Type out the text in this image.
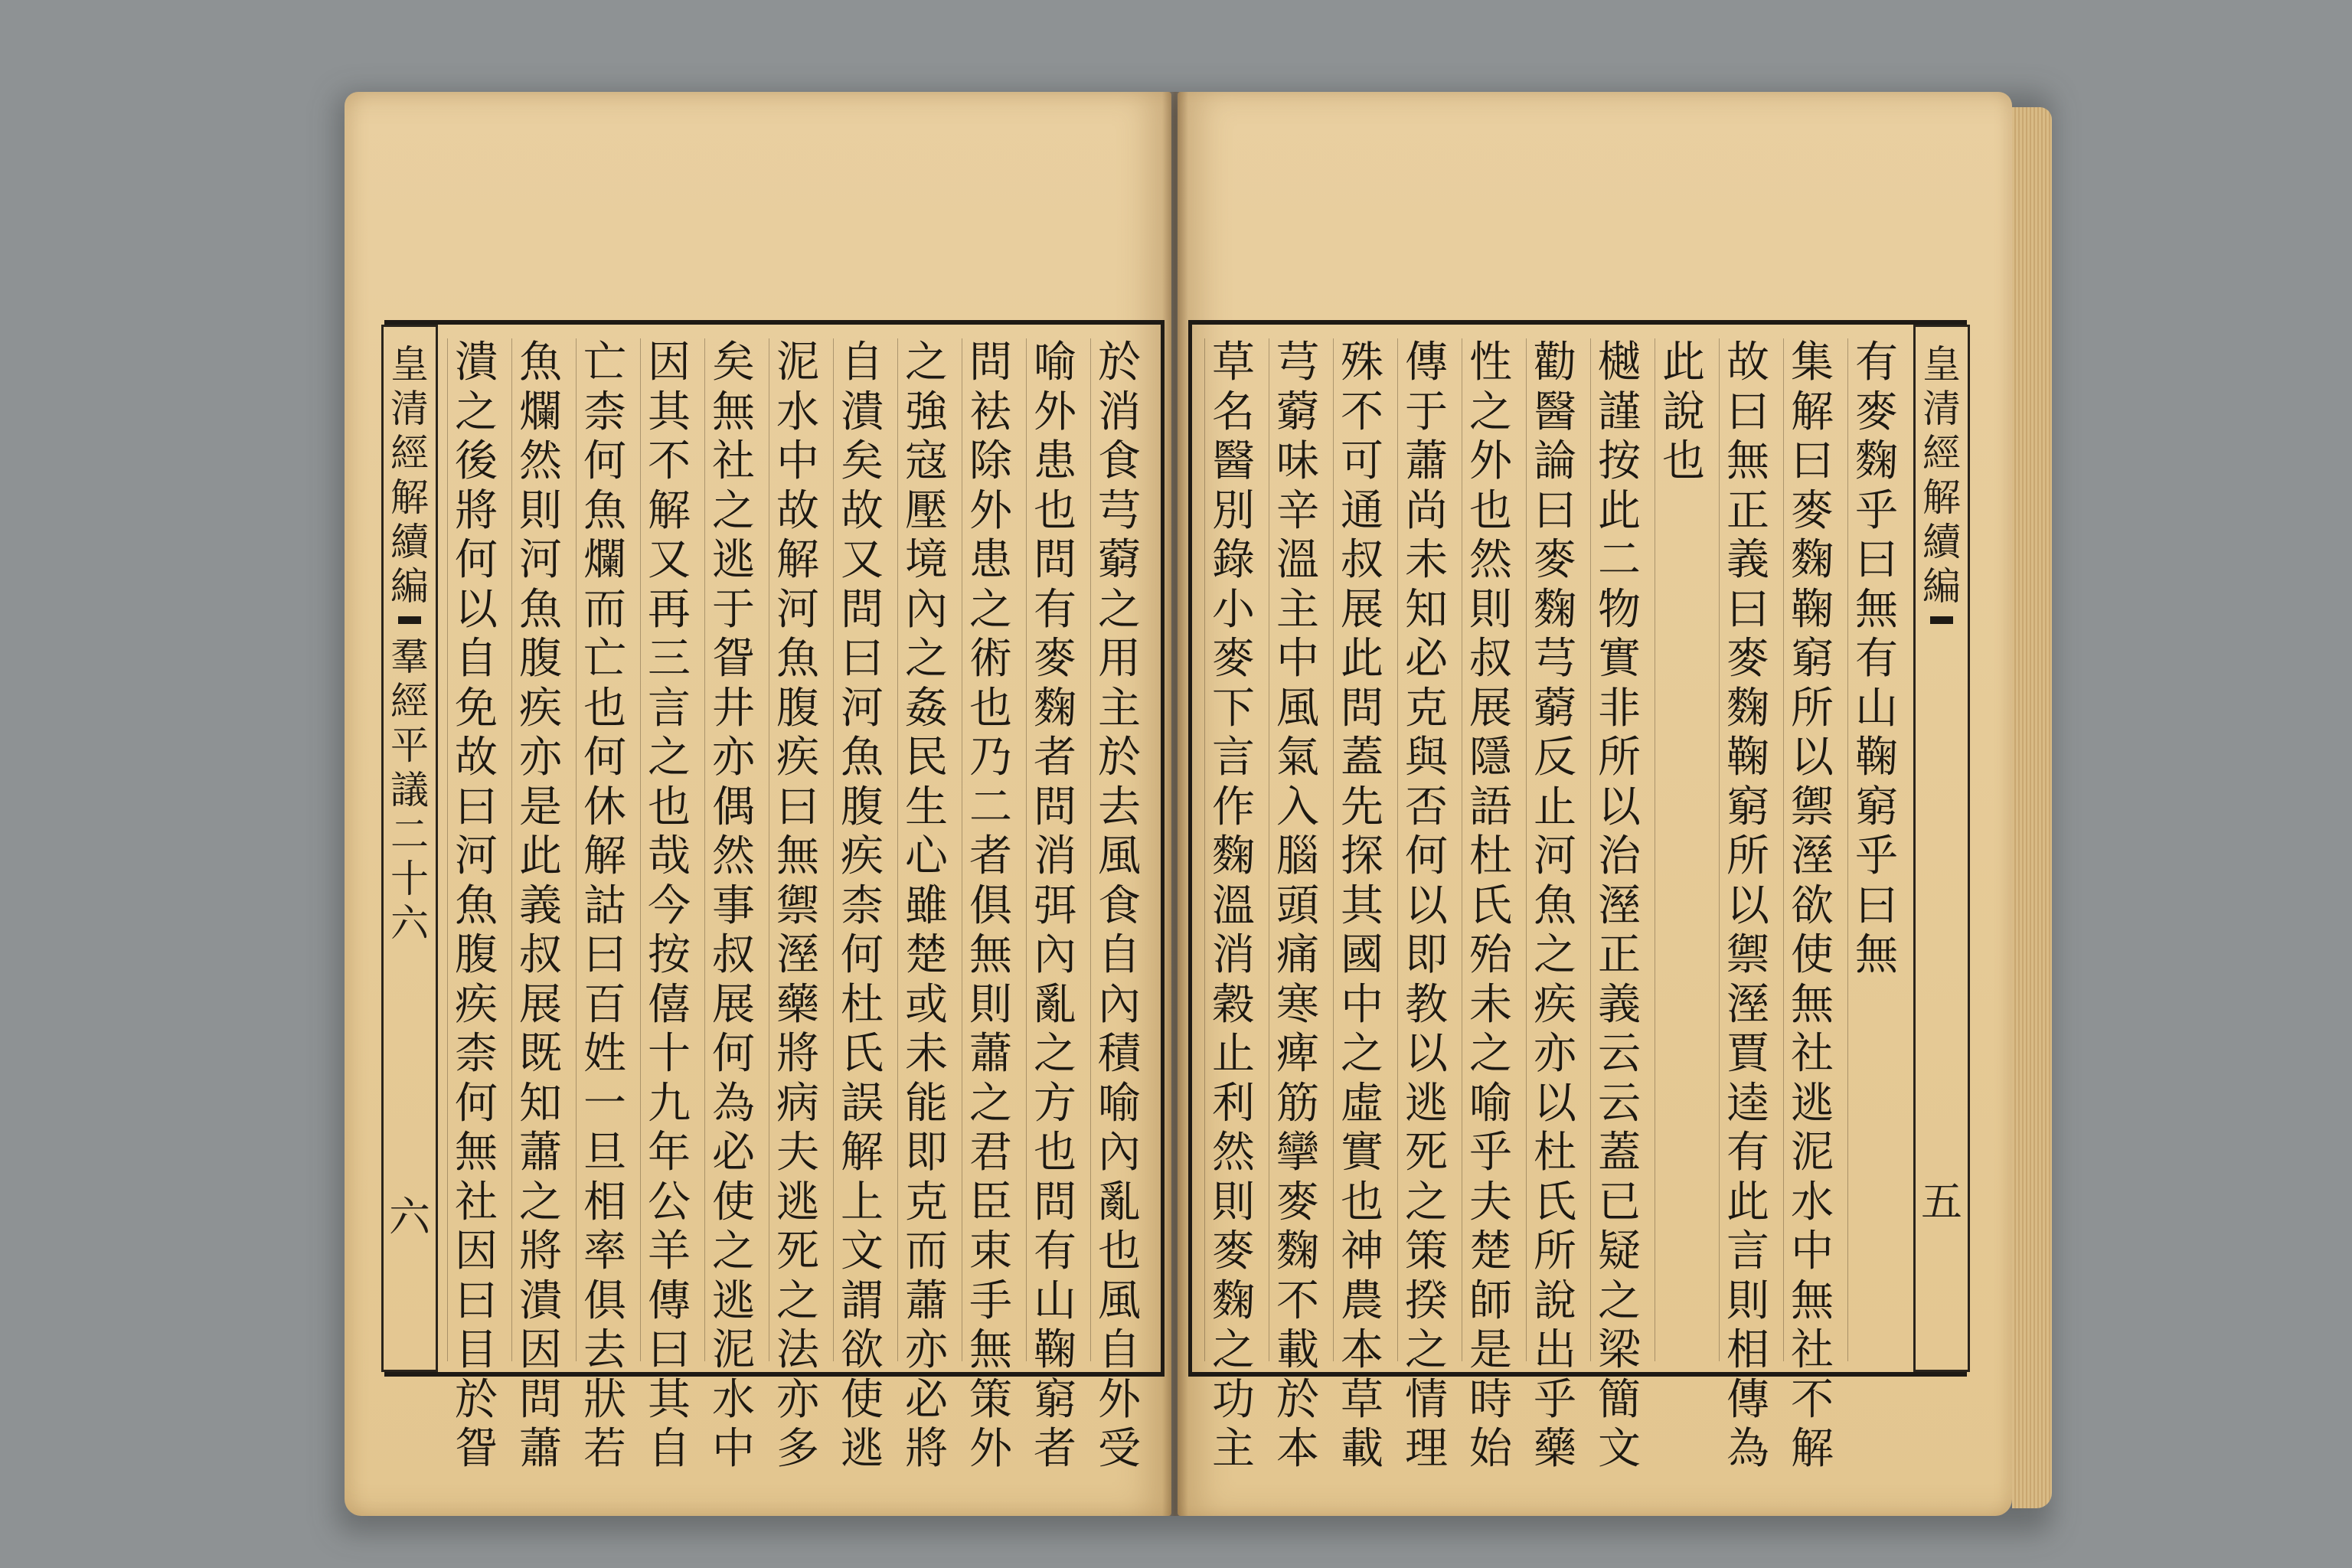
皇
清
經
解
續
編
羣
經
平
議
二
十
六
六
於
消
食
芎
藭
之
用
主
於
去
風
食
自
內
積
喻
內
亂
也
風
自
外
受
喻
外
患
也
問
有
麥
麴
者
問
消
弭
內
亂
之
方
也
問
有
山
鞠
窮
者
問
袪
除
外
患
之
術
也
乃
二
者
俱
無
則
蕭
之
君
臣
束
手
無
策
外
之
強
寇
壓
境
內
之
姦
民
生
心
雖
楚
或
未
能
即
克
而
蕭
亦
必
將
自
潰
矣
故
又
問
曰
河
魚
腹
疾
柰
何
杜
氏
誤
解
上
文
謂
欲
使
逃
泥
水
中
故
解
河
魚
腹
疾
曰
無
禦
溼
藥
將
病
夫
逃
死
之
法
亦
多
矣
無
社
之
逃
于
眢
井
亦
偶
然
事
叔
展
何
為
必
使
之
逃
泥
水
中
因
其
不
解
又
再
三
言
之
也
哉
今
按
僖
十
九
年
公
羊
傳
曰
其
自
亡
柰
何
魚
爛
而
亡
也
何
休
解
詁
曰
百
姓
一
旦
相
率
俱
去
狀
若
魚
爛
然
則
河
魚
腹
疾
亦
是
此
義
叔
展
既
知
蕭
之
將
潰
因
問
蕭
潰
之
後
將
何
以
自
免
故
曰
河
魚
腹
疾
柰
何
無
社
因
曰
目
於
眢
皇
清
經
解
續
編
五
有
麥
麴
乎
曰
無
有
山
鞠
窮
乎
曰
無
集
解
曰
麥
麴
鞠
窮
所
以
禦
溼
欲
使
無
社
逃
泥
水
中
無
社
不
解
故
曰
無
正
義
曰
麥
麴
鞠
窮
所
以
禦
溼
賈
逵
有
此
言
則
相
傳
為
此
說
也
樾
謹
按
此
二
物
實
非
所
以
治
溼
正
義
云
云
蓋
已
疑
之
梁
簡
文
勸
醫
論
曰
麥
麴
芎
藭
反
止
河
魚
之
疾
亦
以
杜
氏
所
說
出
乎
藥
性
之
外
也
然
則
叔
展
隱
語
杜
氏
殆
未
之
喻
乎
夫
楚
師
是
時
始
傳
于
蕭
尚
未
知
必
克
與
否
何
以
即
教
以
逃
死
之
策
揆
之
情
理
殊
不
可
通
叔
展
此
問
蓋
先
探
其
國
中
之
虛
實
也
神
農
本
草
載
芎
藭
味
辛
溫
主
中
風
氣
入
腦
頭
痛
寒
痺
筋
攣
麥
麴
不
載
於
本
草
名
醫
別
錄
小
麥
下
言
作
麴
溫
消
穀
止
利
然
則
麥
麴
之
功
主
